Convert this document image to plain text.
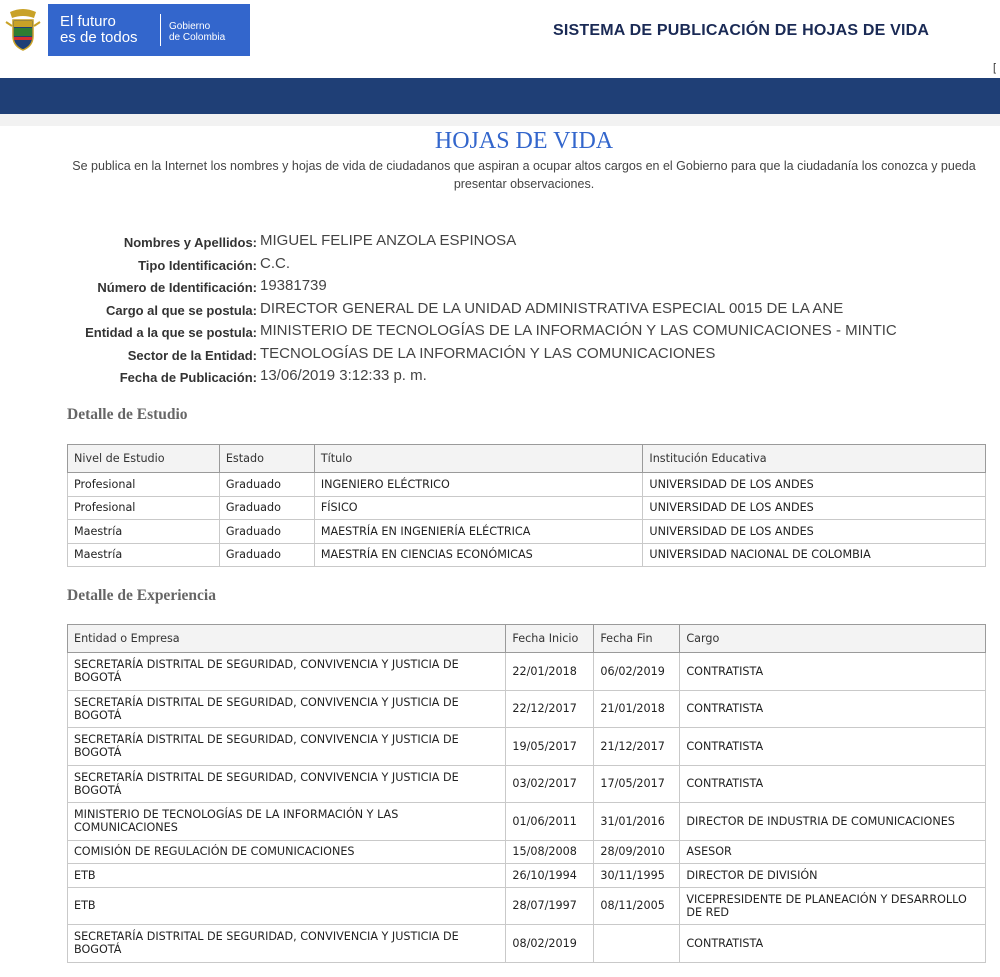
El futuro
es de todos
Gobierno
de Colombia	SISTEMA DE PUBLICACIÓN DE HOJAS DE VIDA
[
HOJAS DE VIDA
Se publica en la Internet los nombres y hojas de vida de ciudadanos que aspiran a ocupar altos cargos en el Gobierno para que la ciudadanía los conozca y pueda presentar observaciones.
Nombres y Apellidos: MIGUEL FELIPE ANZOLA ESPINOSA
Tipo Identificación: C.C.
Número de Identificación: 19381739
Cargo al que se postula: DIRECTOR GENERAL DE LA UNIDAD ADMINISTRATIVA ESPECIAL 0015 DE LA ANE
Entidad a la que se postula: MINISTERIO DE TECNOLOGÍAS DE LA INFORMACIÓN Y LAS COMUNICACIONES - MINTIC
Sector de la Entidad: TECNOLOGÍAS DE LA INFORMACIÓN Y LAS COMUNICACIONES
Fecha de Publicación: 13/06/2019 3:12:33 p. m.
Detalle de Estudio
Nivel de Estudio	Estado	Título	Institución Educativa
Profesional	Graduado	INGENIERO ELÉCTRICO	UNIVERSIDAD DE LOS ANDES
Profesional	Graduado	FÍSICO	UNIVERSIDAD DE LOS ANDES
Maestría	Graduado	MAESTRÍA EN INGENIERÍA ELÉCTRICA	UNIVERSIDAD DE LOS ANDES
Maestría	Graduado	MAESTRÍA EN CIENCIAS ECONÓMICAS	UNIVERSIDAD NACIONAL DE COLOMBIA
Detalle de Experiencia
Entidad o Empresa	Fecha Inicio	Fecha Fin	Cargo
SECRETARÍA DISTRITAL DE SEGURIDAD, CONVIVENCIA Y JUSTICIA DE BOGOTÁ	22/01/2018	06/02/2019	CONTRATISTA
SECRETARÍA DISTRITAL DE SEGURIDAD, CONVIVENCIA Y JUSTICIA DE BOGOTÁ	22/12/2017	21/01/2018	CONTRATISTA
SECRETARÍA DISTRITAL DE SEGURIDAD, CONVIVENCIA Y JUSTICIA DE BOGOTÁ	19/05/2017	21/12/2017	CONTRATISTA
SECRETARÍA DISTRITAL DE SEGURIDAD, CONVIVENCIA Y JUSTICIA DE BOGOTÁ	03/02/2017	17/05/2017	CONTRATISTA
MINISTERIO DE TECNOLOGÍAS DE LA INFORMACIÓN Y LAS COMUNICACIONES	01/06/2011	31/01/2016	DIRECTOR DE INDUSTRIA DE COMUNICACIONES
COMISIÓN DE REGULACIÓN DE COMUNICACIONES	15/08/2008	28/09/2010	ASESOR
ETB	26/10/1994	30/11/1995	DIRECTOR DE DIVISIÓN
ETB	28/07/1997	08/11/2005	VICEPRESIDENTE DE PLANEACIÓN Y DESARROLLO DE RED
SECRETARÍA DISTRITAL DE SEGURIDAD, CONVIVENCIA Y JUSTICIA DE BOGOTÁ	08/02/2019		CONTRATISTA
